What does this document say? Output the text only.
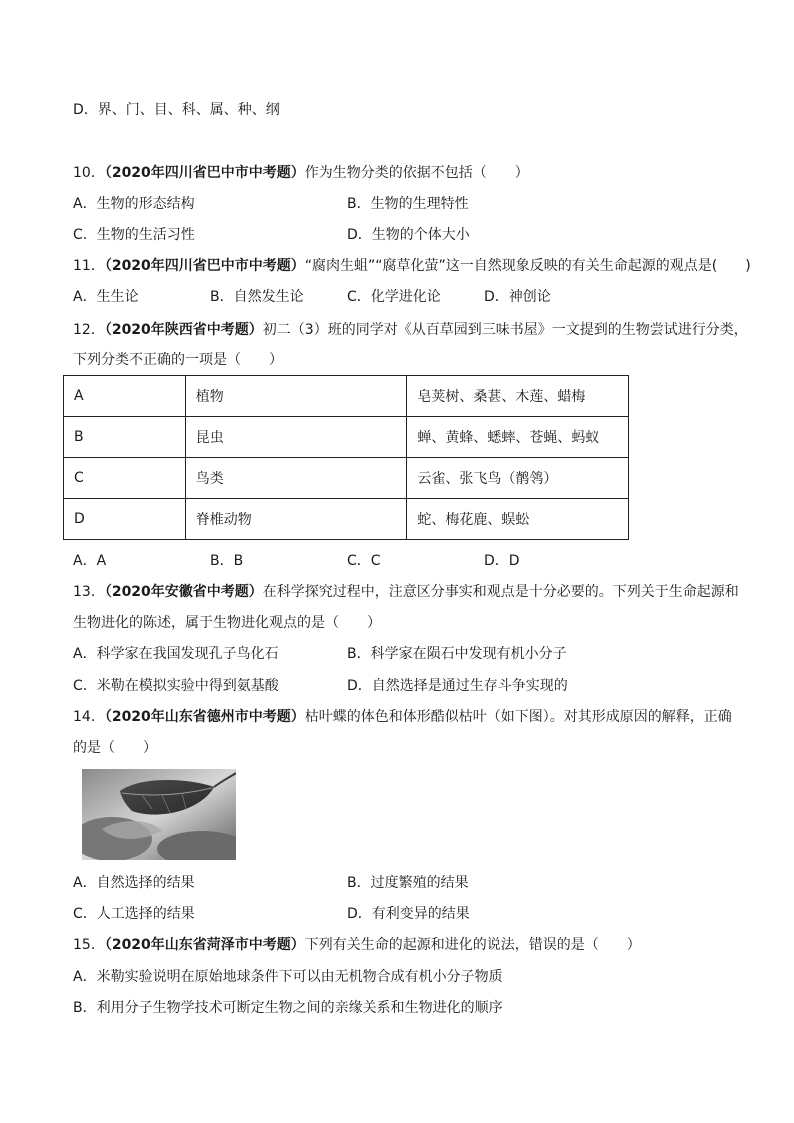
D．界、门、目、科、属、种、纲
10．（2020年四川省巴中市中考题）作为生物分类的依据不包括（　　）
A．生物的形态结构	B．生物的生理特性
C．生物的生活习性	D．生物的个体大小
11．（2020年四川省巴中市中考题）“腐肉生蛆”“腐草化萤”这一自然现象反映的有关生命起源的观点是(　　)
A．生生论	B．自然发生论	C．化学进化论	D．神创论
12．（2020年陕西省中考题）初二（3）班的同学对《从百草园到三味书屋》一文提到的生物尝试进行分类，
下列分类不正确的一项是（　　）
A	植物	皂荚树、桑葚、木莲、蜡梅
B	昆虫	蝉、黄蜂、蟋蟀、苍蝇、蚂蚁
C	鸟类	云雀、张飞鸟（鹡鸰）
D	脊椎动物	蛇、梅花鹿、蜈蚣
A．A	B．B	C．C	D．D
13．（2020年安徽省中考题）在科学探究过程中，注意区分事实和观点是十分必要的。下列关于生命起源和
生物进化的陈述，属于生物进化观点的是（　　）
A．科学家在我国发现孔子鸟化石	B．科学家在陨石中发现有机小分子
C．米勒在模拟实验中得到氨基酸	D．自然选择是通过生存斗争实现的
14．（2020年山东省德州市中考题）枯叶蝶的体色和体形酷似枯叶（如下图）。对其形成原因的解释，正确
的是（　　）
A．自然选择的结果	B．过度繁殖的结果
C．人工选择的结果	D．有利变异的结果
15．（2020年山东省菏泽市中考题）下列有关生命的起源和进化的说法，错误的是（　　）
A．米勒实验说明在原始地球条件下可以由无机物合成有机小分子物质
B．利用分子生物学技术可断定生物之间的亲缘关系和生物进化的顺序
